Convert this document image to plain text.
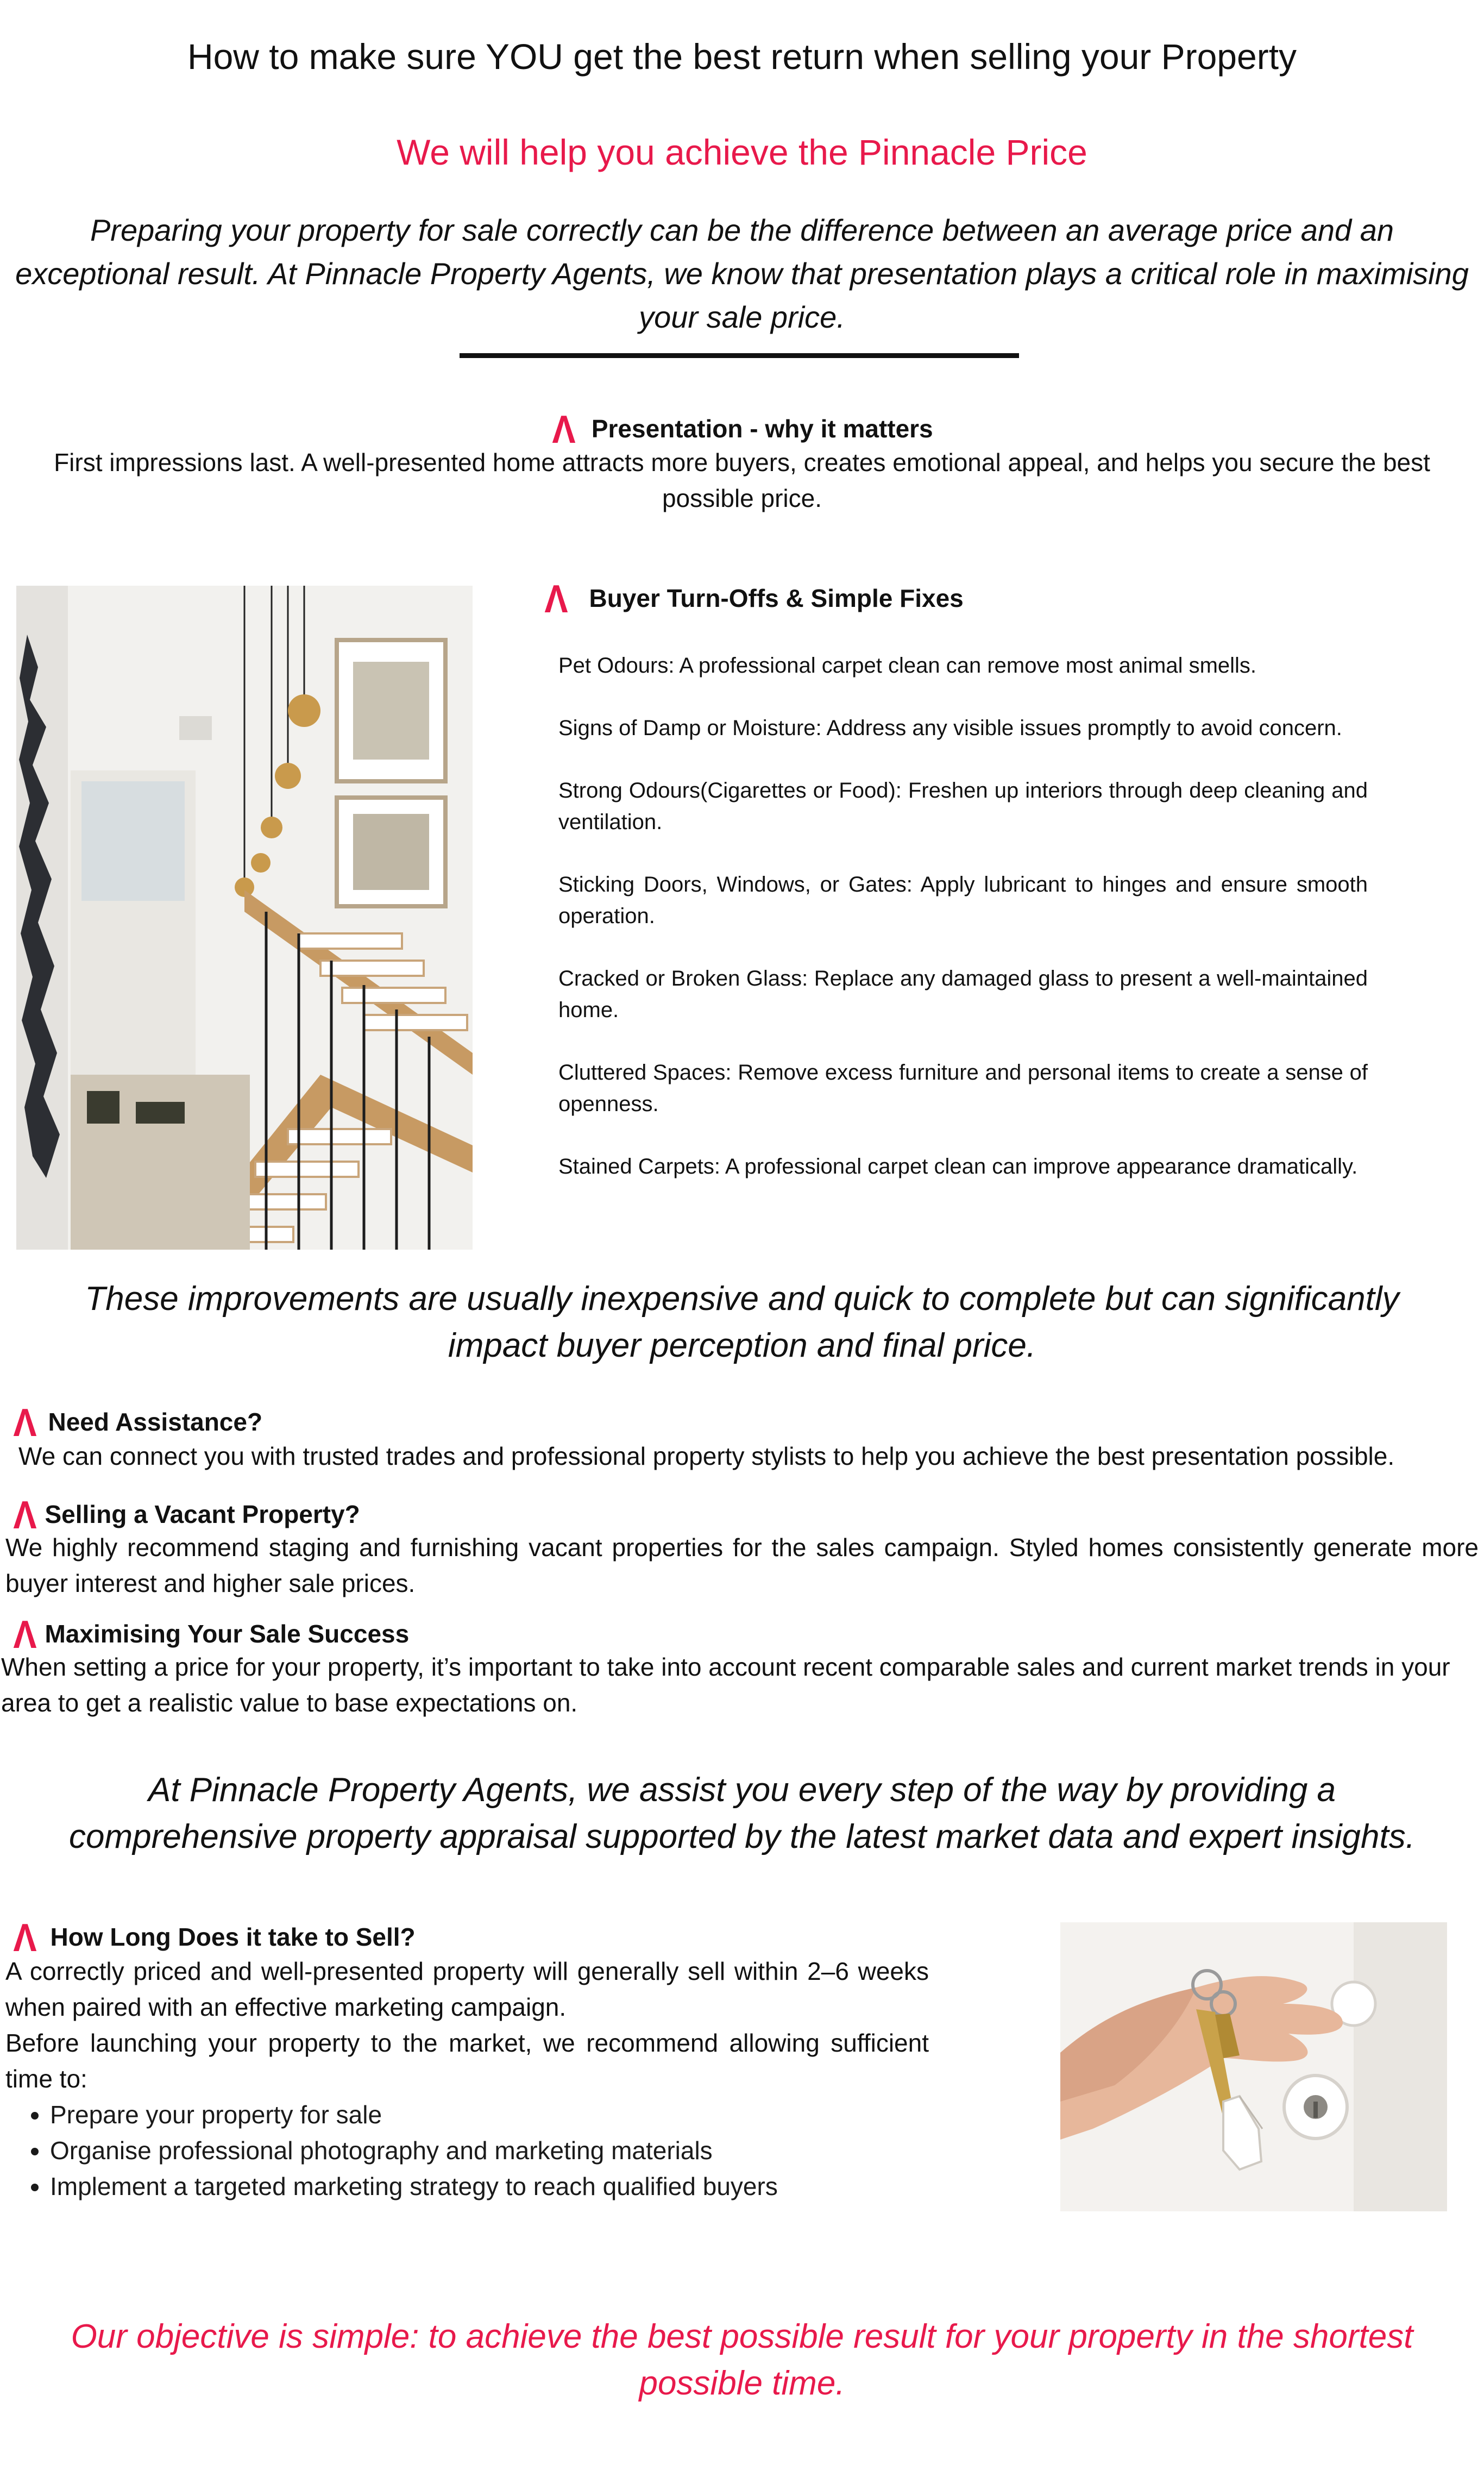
How to make sure YOU get the best return when selling your Property
We will help you achieve the Pinnacle Price
Preparing your property for sale correctly can be the difference between an average price and an exceptional result. At Pinnacle Property Agents, we know that presentation plays a critical role in maximising your sale price.
Λ Presentation - why it matters
First impressions last. A well-presented home attracts more buyers, creates emotional appeal, and helps you secure the best possible price.
Λ Buyer Turn-Offs & Simple Fixes
Pet Odours: A professional carpet clean can remove most animal smells.
Signs of Damp or Moisture: Address any visible issues promptly to avoid concern.
Strong Odours(Cigarettes or Food): Freshen up interiors through deep cleaning and ventilation.
Sticking Doors, Windows, or Gates: Apply lubricant to hinges and ensure smooth operation.
Cracked or Broken Glass: Replace any damaged glass to present a well-maintained home.
Cluttered Spaces: Remove excess furniture and personal items to create a sense of openness.
Stained Carpets: A professional carpet clean can improve appearance dramatically.
These improvements are usually inexpensive and quick to complete but can significantly impact buyer perception and final price.
Λ Need Assistance?
We can connect you with trusted trades and professional property stylists to help you achieve the best presentation possible.
Λ Selling a Vacant Property?
We highly recommend staging and furnishing vacant properties for the sales campaign. Styled homes consistently generate more buyer interest and higher sale prices.
Λ Maximising Your Sale Success
When setting a price for your property, it’s important to take into account recent comparable sales and current market trends in your area to get a realistic value to base expectations on.
At Pinnacle Property Agents, we assist you every step of the way by providing a comprehensive property appraisal supported by the latest market data and expert insights.
Λ How Long Does it take to Sell?
A correctly priced and well-presented property will generally sell within 2–6 weeks when paired with an effective marketing campaign.
Before launching your property to the market, we recommend allowing sufficient time to:
• Prepare your property for sale
• Organise professional photography and marketing materials
• Implement a targeted marketing strategy to reach qualified buyers
Our objective is simple: to achieve the best possible result for your property in the shortest possible time.
